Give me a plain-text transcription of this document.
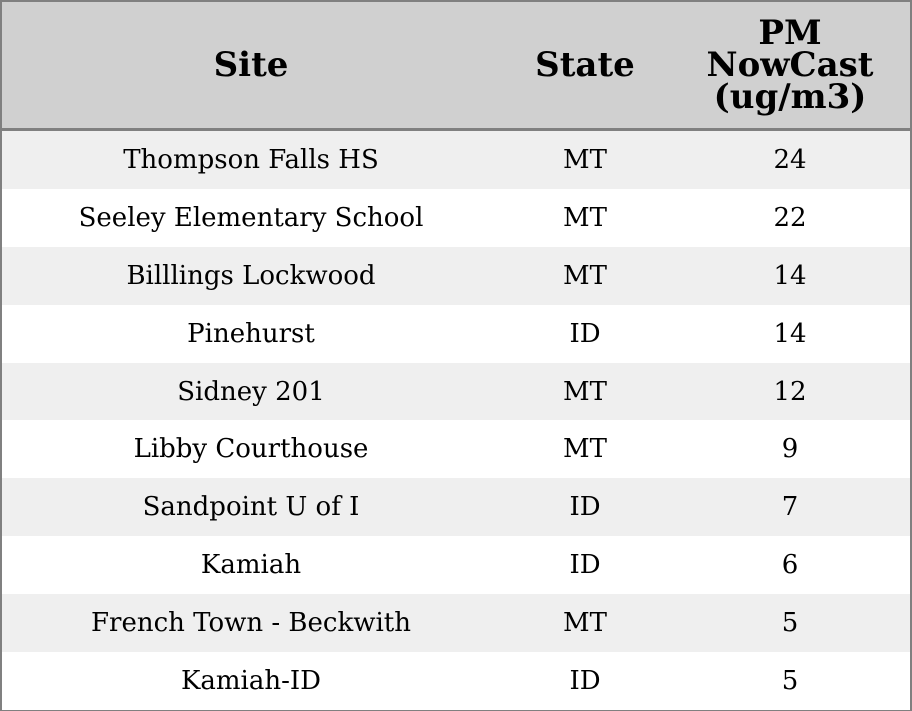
Site	State	PM
NowCast
(ug/m3)

Thompson Falls HS	MT	24
Seeley Elementary School	MT	22
Billlings Lockwood	MT	14
Pinehurst	ID	14
Sidney 201	MT	12
Libby Courthouse	MT	9
Sandpoint U of I	ID	7
Kamiah	ID	6
French Town - Beckwith	MT	5
Kamiah-ID	ID	5
